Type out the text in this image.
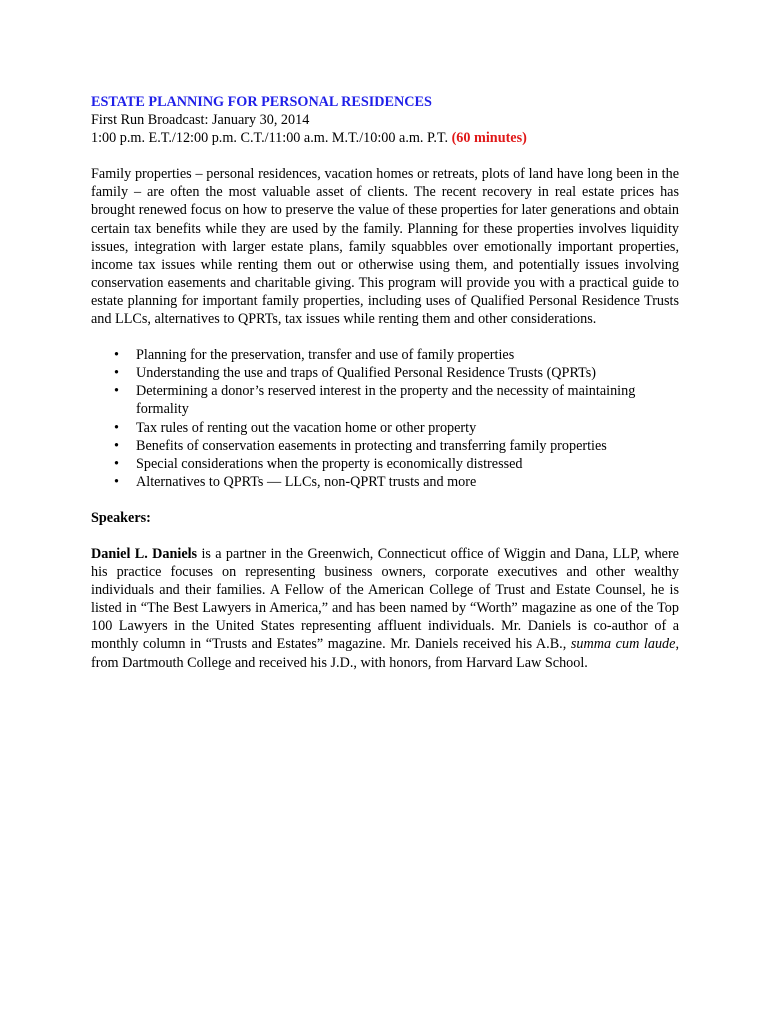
ESTATE PLANNING FOR PERSONAL RESIDENCES

First Run Broadcast: January 30, 2014

1:00 p.m. E.T./12:00 p.m. C.T./11:00 a.m. M.T./10:00 a.m. P.T. (60 minutes)

Family properties – personal residences, vacation homes or retreats, plots of land have long been in the family – are often the most valuable asset of clients. The recent recovery in real estate prices has brought renewed focus on how to preserve the value of these properties for later generations and obtain certain tax benefits while they are used by the family. Planning for these properties involves liquidity issues, integration with larger estate plans, family squabbles over emotionally important properties, income tax issues while renting them out or otherwise using them, and potentially issues involving conservation easements and charitable giving. This program will provide you with a practical guide to estate planning for important family properties, including uses of Qualified Personal Residence Trusts and LLCs, alternatives to QPRTs, tax issues while renting them and other considerations.

• Planning for the preservation, transfer and use of family properties
• Understanding the use and traps of Qualified Personal Residence Trusts (QPRTs)
• Determining a donor’s reserved interest in the property and the necessity of maintaining formality
• Tax rules of renting out the vacation home or other property
• Benefits of conservation easements in protecting and transferring family properties
• Special considerations when the property is economically distressed
• Alternatives to QPRTs — LLCs, non-QPRT trusts and more

Speakers:

Daniel L. Daniels is a partner in the Greenwich, Connecticut office of Wiggin and Dana, LLP, where his practice focuses on representing business owners, corporate executives and other wealthy individuals and their families. A Fellow of the American College of Trust and Estate Counsel, he is listed in “The Best Lawyers in America,” and has been named by “Worth” magazine as one of the Top 100 Lawyers in the United States representing affluent individuals. Mr. Daniels is co-author of a monthly column in “Trusts and Estates” magazine. Mr. Daniels received his A.B., summa cum laude, from Dartmouth College and received his J.D., with honors, from Harvard Law School.
